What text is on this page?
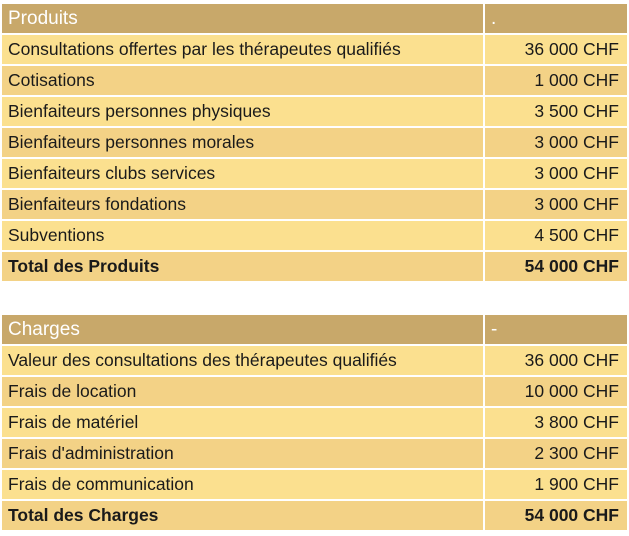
Produits	.
Consultations offertes par les thérapeutes qualifiés	36 000 CHF
Cotisations	1 000 CHF
Bienfaiteurs personnes physiques	3 500 CHF
Bienfaiteurs personnes morales	3 000 CHF
Bienfaiteurs clubs services	3 000 CHF
Bienfaiteurs fondations	3 000 CHF
Subventions	4 500 CHF
Total des Produits	54 000 CHF
Charges	-
Valeur des consultations des thérapeutes qualifiés	36 000 CHF
Frais de location	10 000 CHF
Frais de matériel	3 800 CHF
Frais d'administration	2 300 CHF
Frais de communication	1 900 CHF
Total des Charges	54 000 CHF
